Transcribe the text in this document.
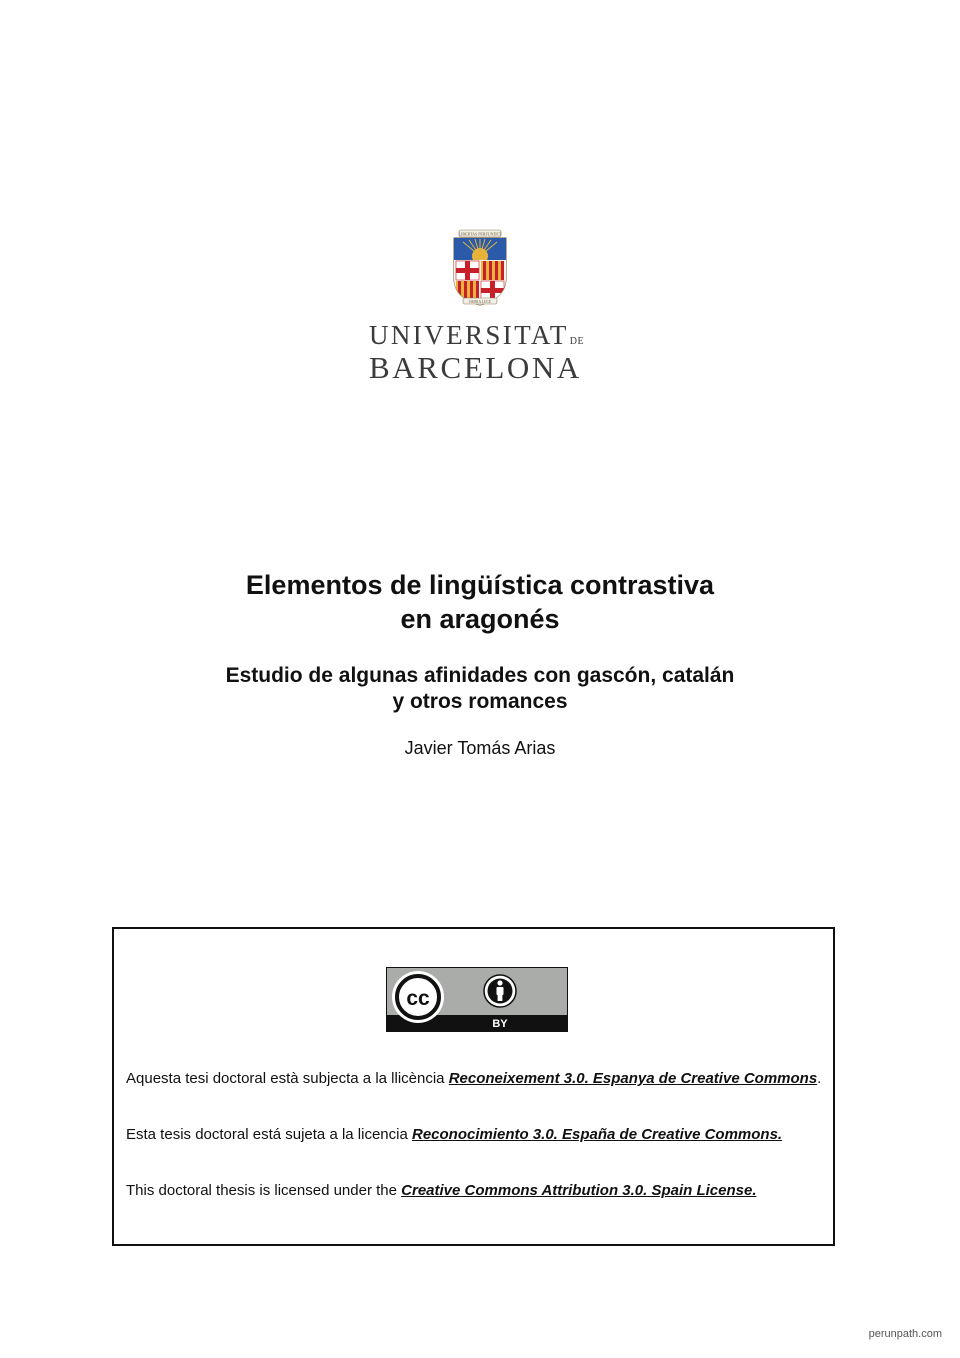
LIBERTAS PERFUNDET
OMNIA LUCE
UNIVERSITATDE
BARCELONA
Elementos de lingüística contrastiva
en aragonés
Estudio de algunas afinidades con gascón, catalán
y otros romances
Javier Tomás Arias
cc
BY

Aquesta tesi doctoral està subjecta a la llicència Reconeixement 3.0. Espanya de Creative Commons.

Esta tesis doctoral está sujeta a la licencia Reconocimiento 3.0. España de Creative Commons.

This doctoral thesis is licensed under the Creative Commons Attribution 3.0. Spain License.

perunpath.com
